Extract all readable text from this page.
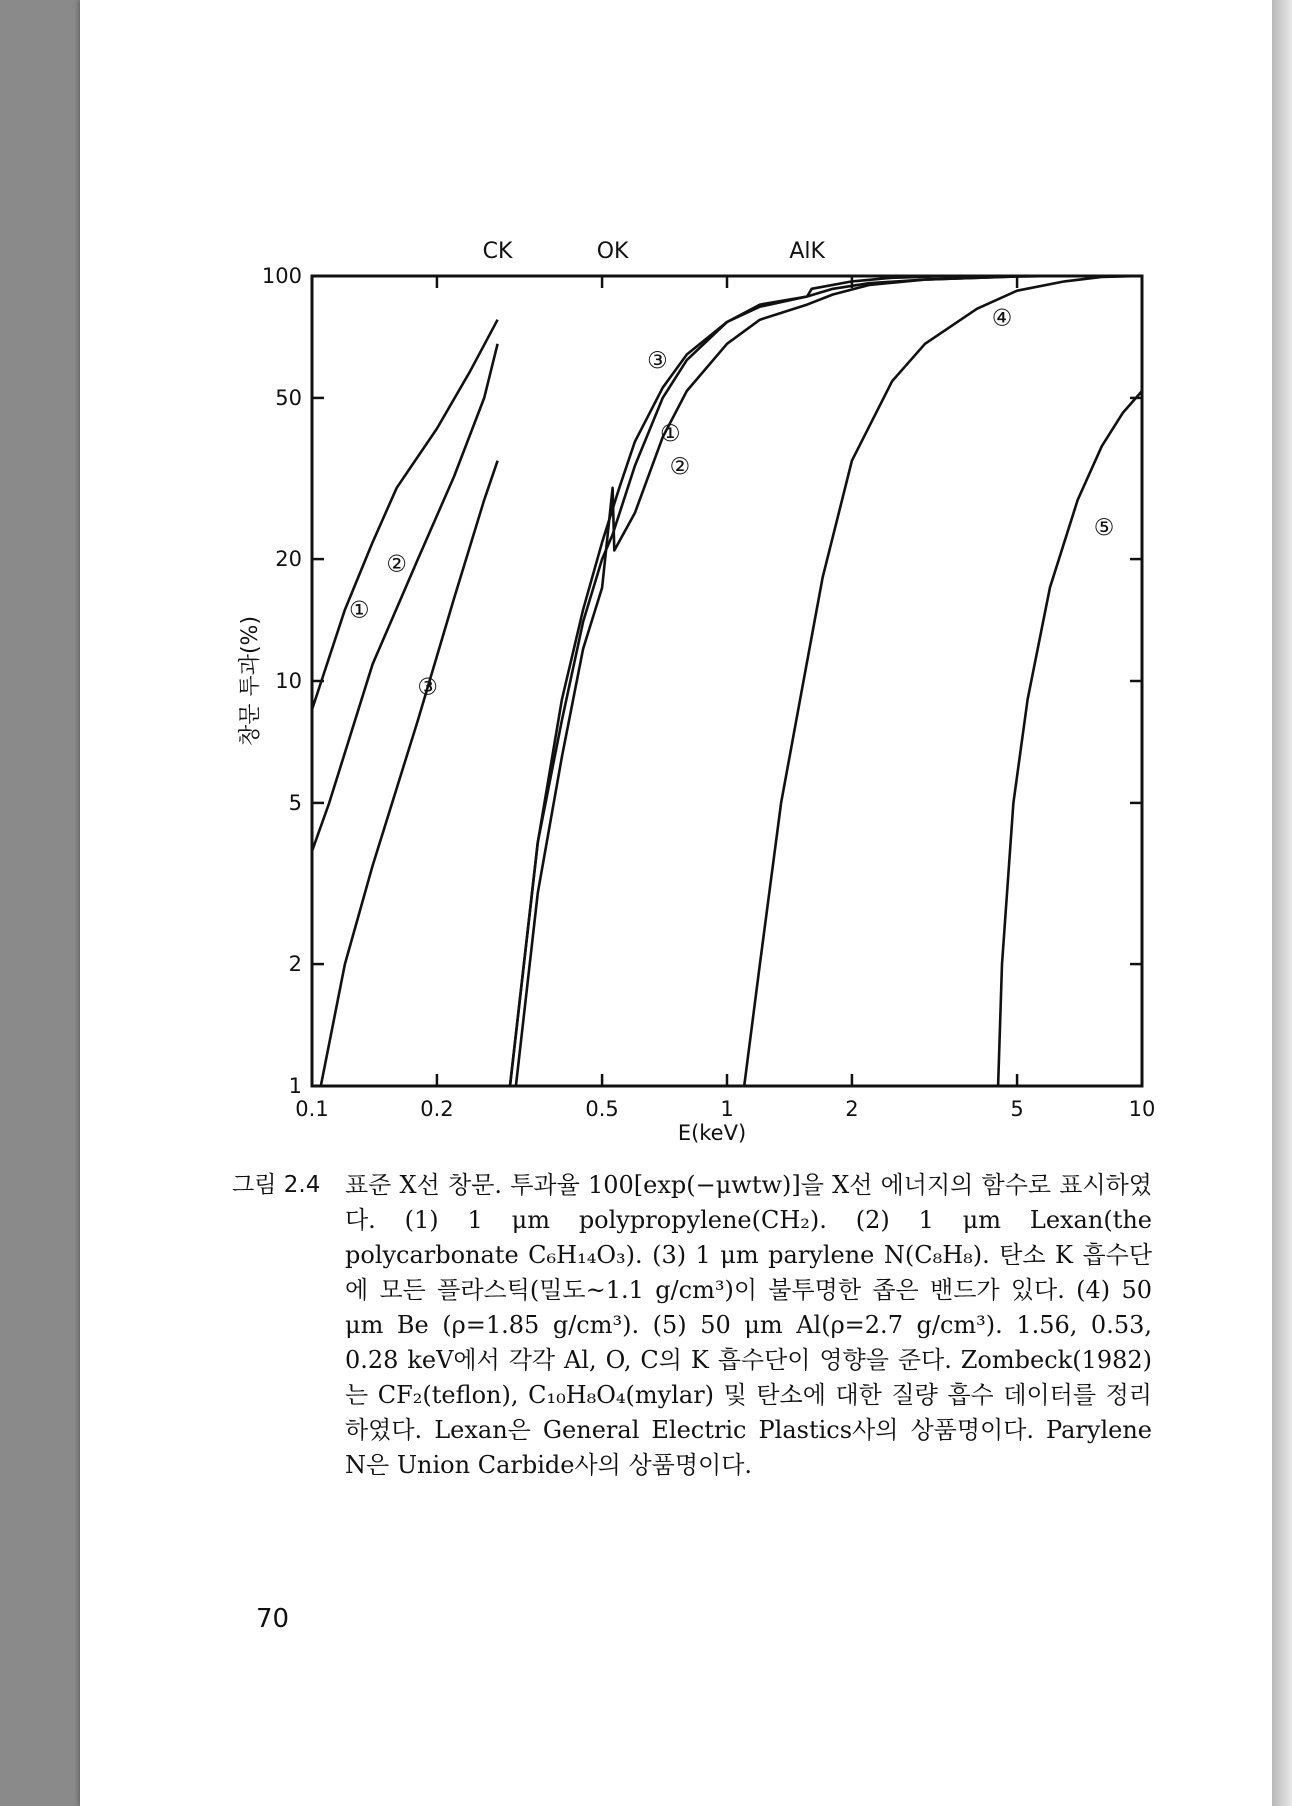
0.1	0.2	0.5	1	2	5	10
1
2
5
10
20
50
100
CK	OK	AlK
①
①
②
②
③
③
④
⑤
E(keV)
창문 투과(%)
그림 2.4	표준 X선 창문. 투과율 100[exp(−μwtw)]을 X선 에너지의 함수로 표시하였다. (1) 1 μm polypropylene(CH₂). (2) 1 μm Lexan(the polycarbonate C₆H₁₄O₃). (3) 1 μm parylene N(C₈H₈). 탄소 K 흡수단에 모든 플라스틱(밀도~1.1 g/cm³)이 불투명한 좁은 밴드가 있다. (4) 50 μm Be (ρ=1.85 g/cm³). (5) 50 μm Al(ρ=2.7 g/cm³). 1.56, 0.53, 0.28 keV에서 각각 Al, O, C의 K 흡수단이 영향을 준다. Zombeck(1982)는 CF₂(teflon), C₁₀H₈O₄(mylar) 및 탄소에 대한 질량 흡수 데이터를 정리하였다. Lexan은 General Electric Plastics사의 상품명이다. Parylene N은 Union Carbide사의 상품명이다.
70
